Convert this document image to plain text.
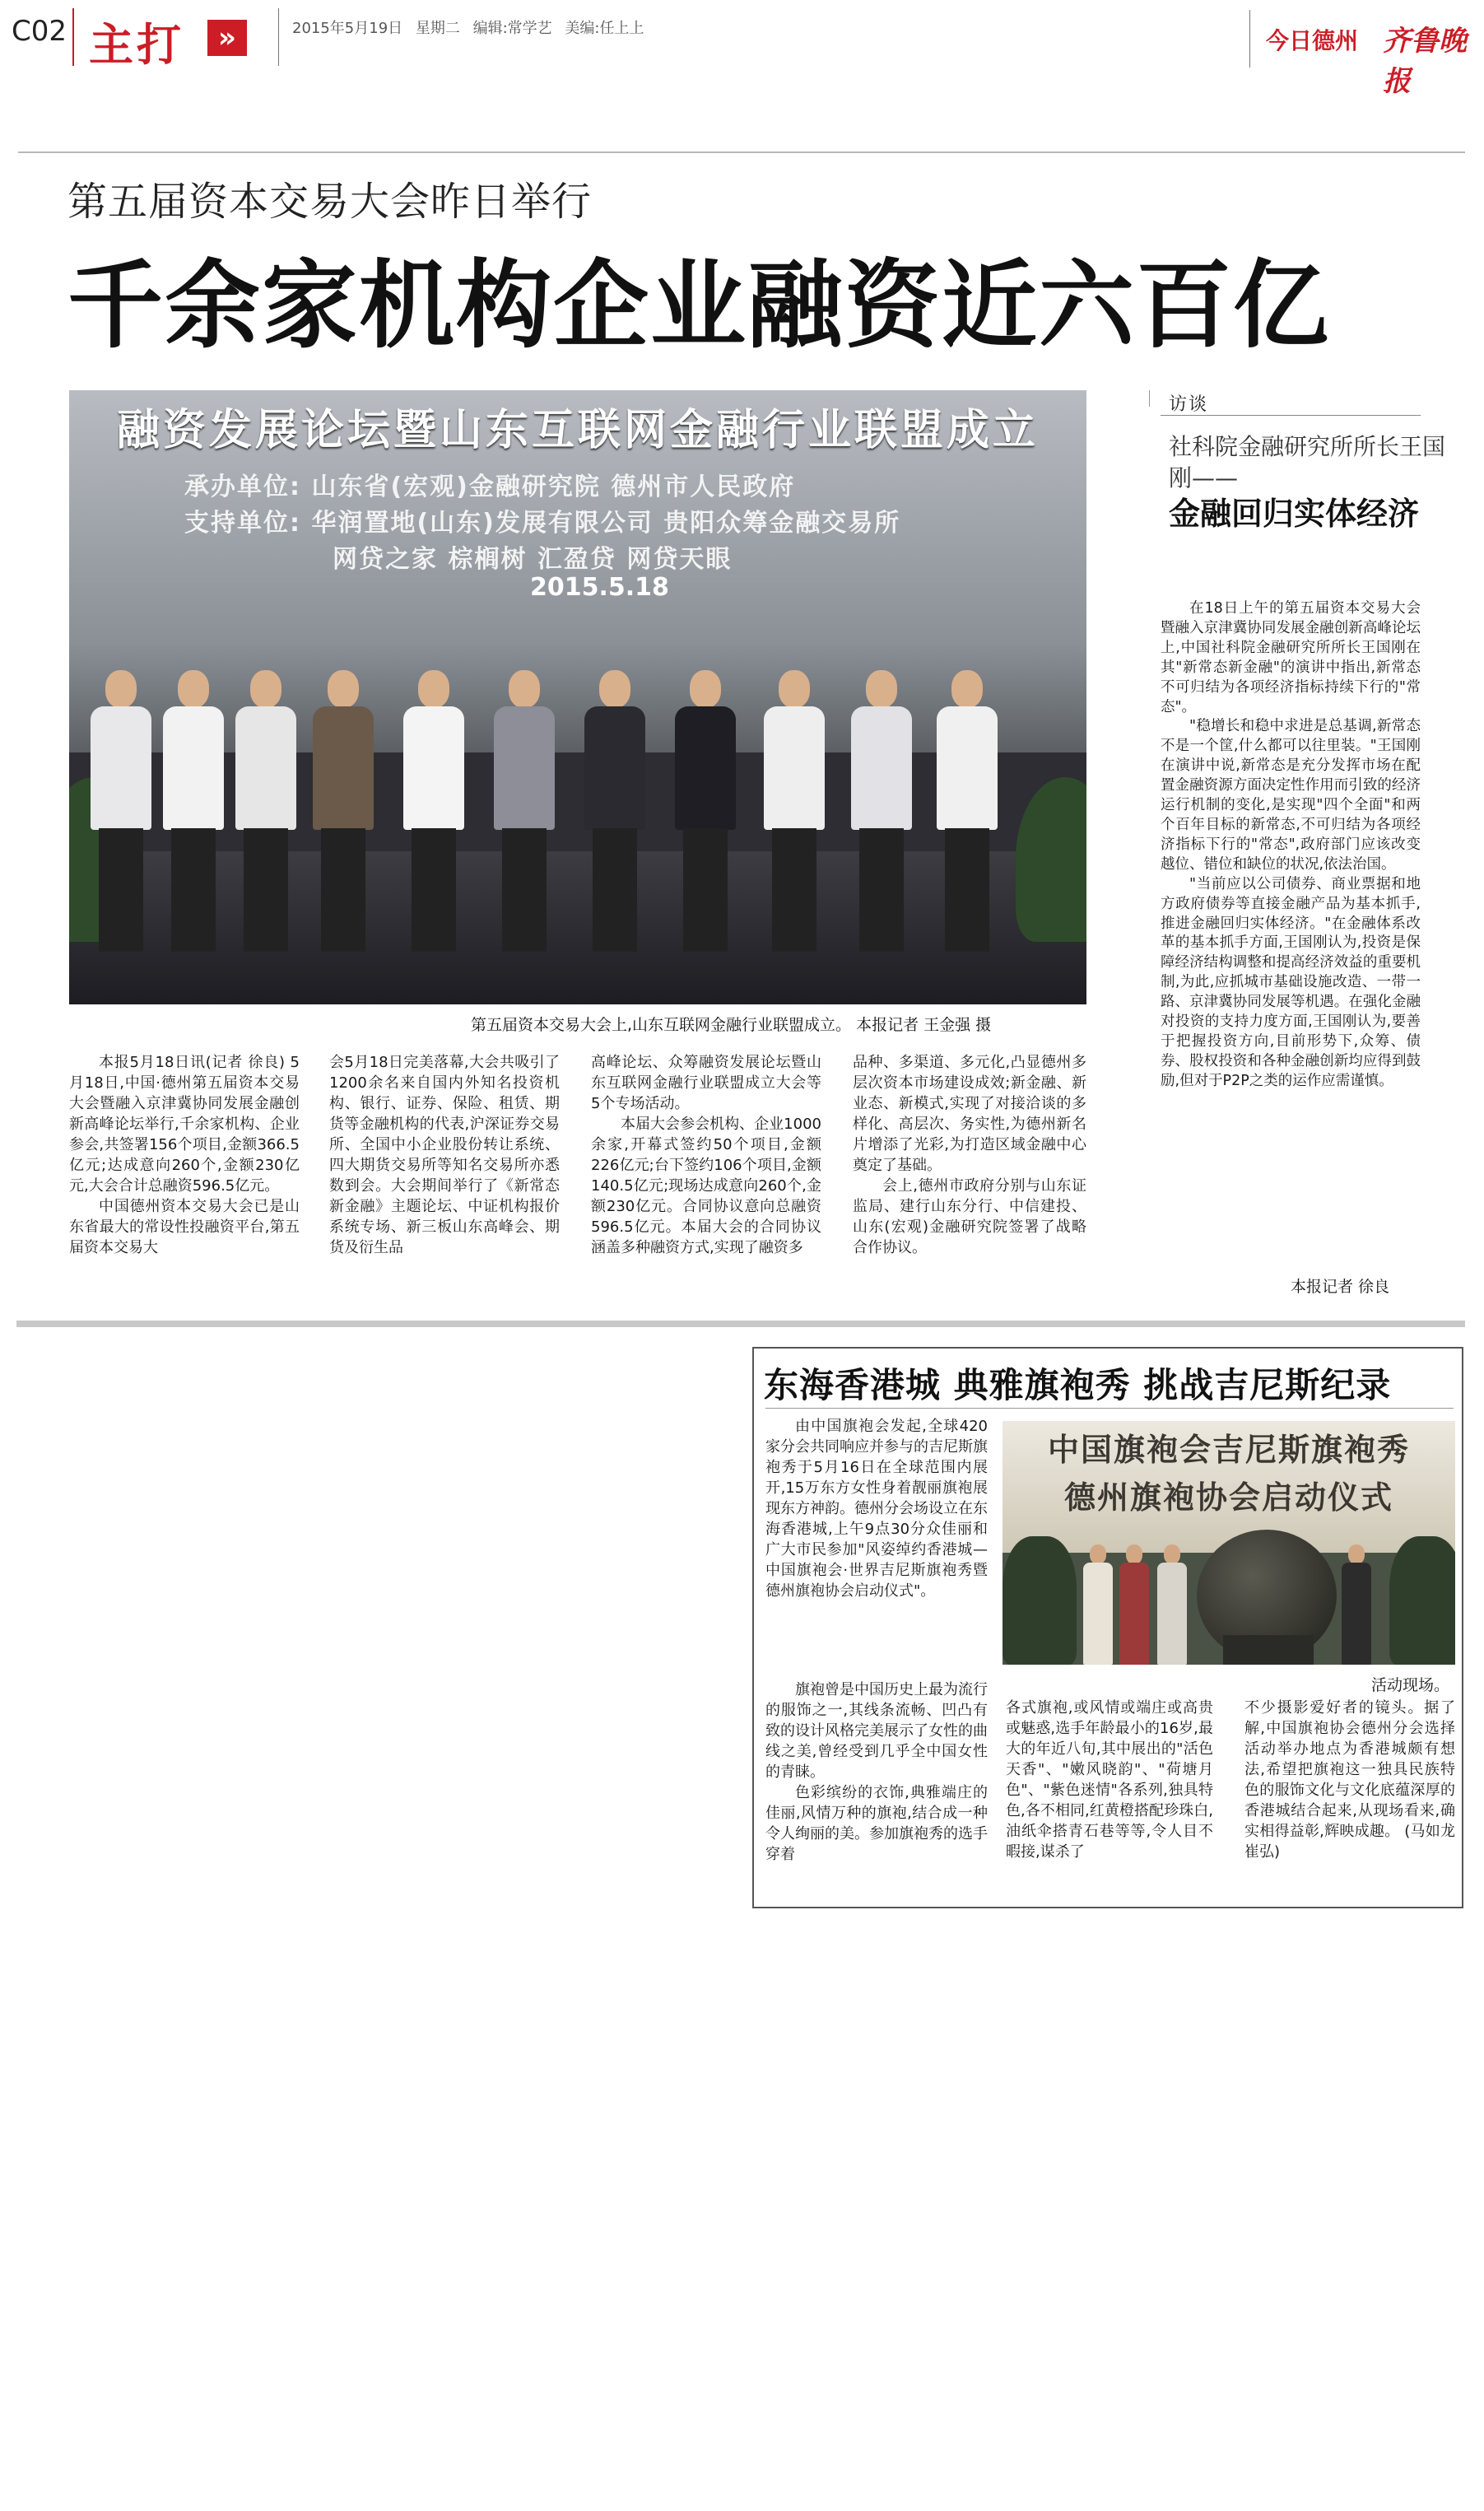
C02 主打	»	2015年5月19日 星期二 编辑:常学艺 美编:任上上	今日德州 齐鲁晚报
第五届资本交易大会昨日举行
千余家机构企业融资近六百亿
融资发展论坛暨山东互联网金融行业联盟成立
承办单位: 山东省(宏观)金融研究院 德州市人民政府
支持单位: 华润置地(山东)发展有限公司 贵阳众筹金融交易所
网贷之家 棕榈树 汇盈贷 网贷天眼
2015.5.18
第五届资本交易大会上,山东互联网金融行业联盟成立。 本报记者 王金强 摄

本报5月18日讯(记者 徐良) 5月18日,中国·德州第五届资本交易大会暨融入京津冀协同发展金融创新高峰论坛举行,千余家机构、企业参会,共签署156个项目,金额366.5亿元;达成意向260个,金额230亿元,大会合计总融资596.5亿元。

中国德州资本交易大会已是山东省最大的常设性投融资平台,第五届资本交易大

会5月18日完美落幕,大会共吸引了1200余名来自国内外知名投资机构、银行、证券、保险、租赁、期货等金融机构的代表,沪深证券交易所、全国中小企业股份转让系统、四大期货交易所等知名交易所亦悉数到会。大会期间举行了《新常态新金融》主题论坛、中证机构报价系统专场、新三板山东高峰会、期货及衍生品

高峰论坛、众筹融资发展论坛暨山东互联网金融行业联盟成立大会等5个专场活动。

本届大会参会机构、企业1000余家,开幕式签约50个项目,金额226亿元;台下签约106个项目,金额140.5亿元;现场达成意向260个,金额230亿元。合同协议意向总融资596.5亿元。本届大会的合同协议涵盖多种融资方式,实现了融资多

品种、多渠道、多元化,凸显德州多层次资本市场建设成效;新金融、新业态、新模式,实现了对接洽谈的多样化、高层次、务实性,为德州新名片增添了光彩,为打造区域金融中心奠定了基础。

会上,德州市政府分别与山东证监局、建行山东分行、中信建投、山东(宏观)金融研究院签署了战略合作协议。

访谈
社科院金融研究所所长王国刚——
金融回归实体经济

在18日上午的第五届资本交易大会暨融入京津冀协同发展金融创新高峰论坛上,中国社科院金融研究所所长王国刚在其"新常态新金融"的演讲中指出,新常态不可归结为各项经济指标持续下行的"常态"。

"稳增长和稳中求进是总基调,新常态不是一个筐,什么都可以往里装。"王国刚在演讲中说,新常态是充分发挥市场在配置金融资源方面决定性作用而引致的经济运行机制的变化,是实现"四个全面"和两个百年目标的新常态,不可归结为各项经济指标下行的"常态",政府部门应该改变越位、错位和缺位的状况,依法治国。

"当前应以公司债券、商业票据和地方政府债券等直接金融产品为基本抓手,推进金融回归实体经济。"在金融体系改革的基本抓手方面,王国刚认为,投资是保障经济结构调整和提高经济效益的重要机制,为此,应抓城市基础设施改造、一带一路、京津冀协同发展等机遇。在强化金融对投资的支持力度方面,王国刚认为,要善于把握投资方向,目前形势下,众筹、债券、股权投资和各种金融创新均应得到鼓励,但对于P2P之类的运作应需谨慎。

本报记者 徐良
东海香港城 典雅旗袍秀 挑战吉尼斯纪录
中国旗袍会吉尼斯旗袍秀
德州旗袍协会启动仪式
活动现场。

由中国旗袍会发起,全球420家分会共同响应并参与的吉尼斯旗袍秀于5月16日在全球范围内展开,15万东方女性身着靓丽旗袍展现东方神韵。德州分会场设立在东海香港城,上午9点30分众佳丽和广大市民参加"风姿绰约香港城—中国旗袍会·世界吉尼斯旗袍秀暨德州旗袍协会启动仪式"。

旗袍曾是中国历史上最为流行的服饰之一,其线条流畅、凹凸有致的设计风格完美展示了女性的曲线之美,曾经受到几乎全中国女性的青睐。

色彩缤纷的衣饰,典雅端庄的佳丽,风情万种的旗袍,结合成一种令人绚丽的美。参加旗袍秀的选手穿着

各式旗袍,或风情或端庄或高贵或魅惑,选手年龄最小的16岁,最大的年近八旬,其中展出的"活色天香"、"嫩风晓韵"、"荷塘月色"、"紫色迷情"各系列,独具特色,各不相同,红黄橙搭配珍珠白,油纸伞搭青石巷等等,令人目不暇接,谋杀了

不少摄影爱好者的镜头。据了解,中国旗袍协会德州分会选择活动举办地点为香港城颇有想法,希望把旗袍这一独具民族特色的服饰文化与文化底蕴深厚的香港城结合起来,从现场看来,确实相得益彰,辉映成趣。 (马如龙 崔弘)
